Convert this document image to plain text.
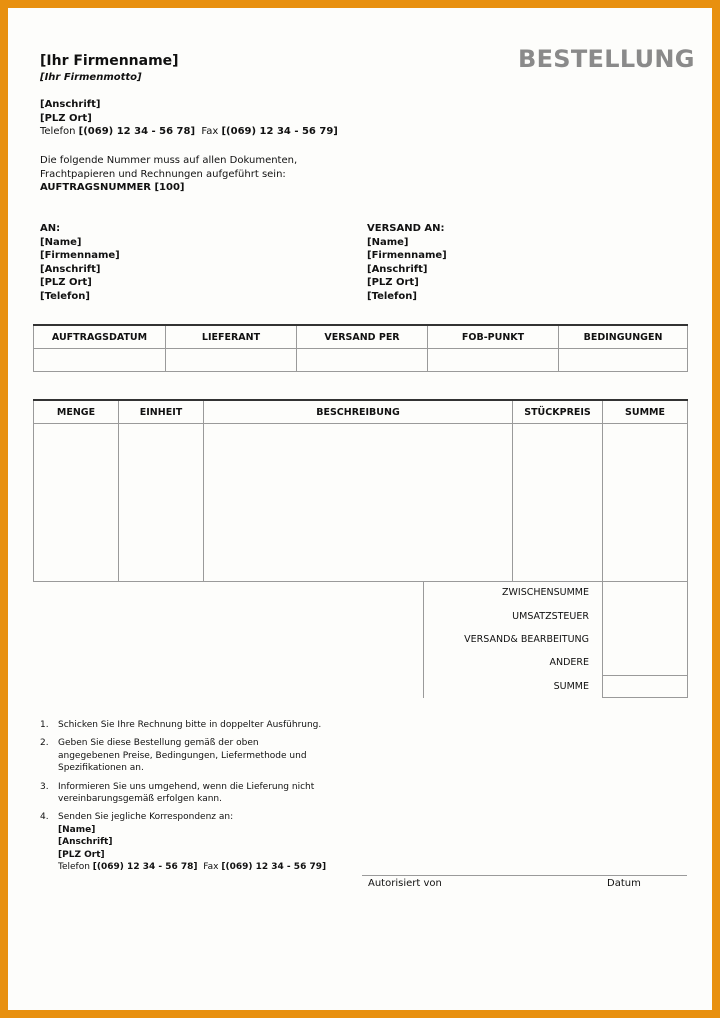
[Ihr Firmenname]
[Ihr Firmenmotto]
BESTELLUNG
[Anschrift]
[PLZ Ort]
Telefon [(069) 12 34 - 56 78] Fax [(069) 12 34 - 56 79]
Die folgende Nummer muss auf allen Dokumenten,
Frachtpapieren und Rechnungen aufgeführt sein:
AUFTRAGSNUMMER [100]
AN:
[Name]
[Firmenname]
[Anschrift]
[PLZ Ort]
[Telefon]
VERSAND AN:
[Name]
[Firmenname]
[Anschrift]
[PLZ Ort]
[Telefon]
AUFTRAGSDATUM	LIEFERANT	VERSAND PER	FOB-PUNKT	BEDINGUNGEN

MENGE	EINHEIT	BESCHREIBUNG	STÜCKPREIS	SUMME

ZWISCHENSUMME
UMSATZSTEUER
VERSAND& BEARBEITUNG
ANDERE
SUMME
1. Schicken Sie Ihre Rechnung bitte in doppelter Ausführung.
2. Geben Sie diese Bestellung gemäß der oben angegebenen Preise, Bedingungen, Liefermethode und Spezifikationen an.
3. Informieren Sie uns umgehend, wenn die Lieferung nicht vereinbarungsgemäß erfolgen kann.
4. Senden Sie jegliche Korrespondenz an:
[Name]
[Anschrift]
[PLZ Ort]
Telefon [(069) 12 34 - 56 78] Fax [(069) 12 34 - 56 79]
Autorisiert von	Datum
